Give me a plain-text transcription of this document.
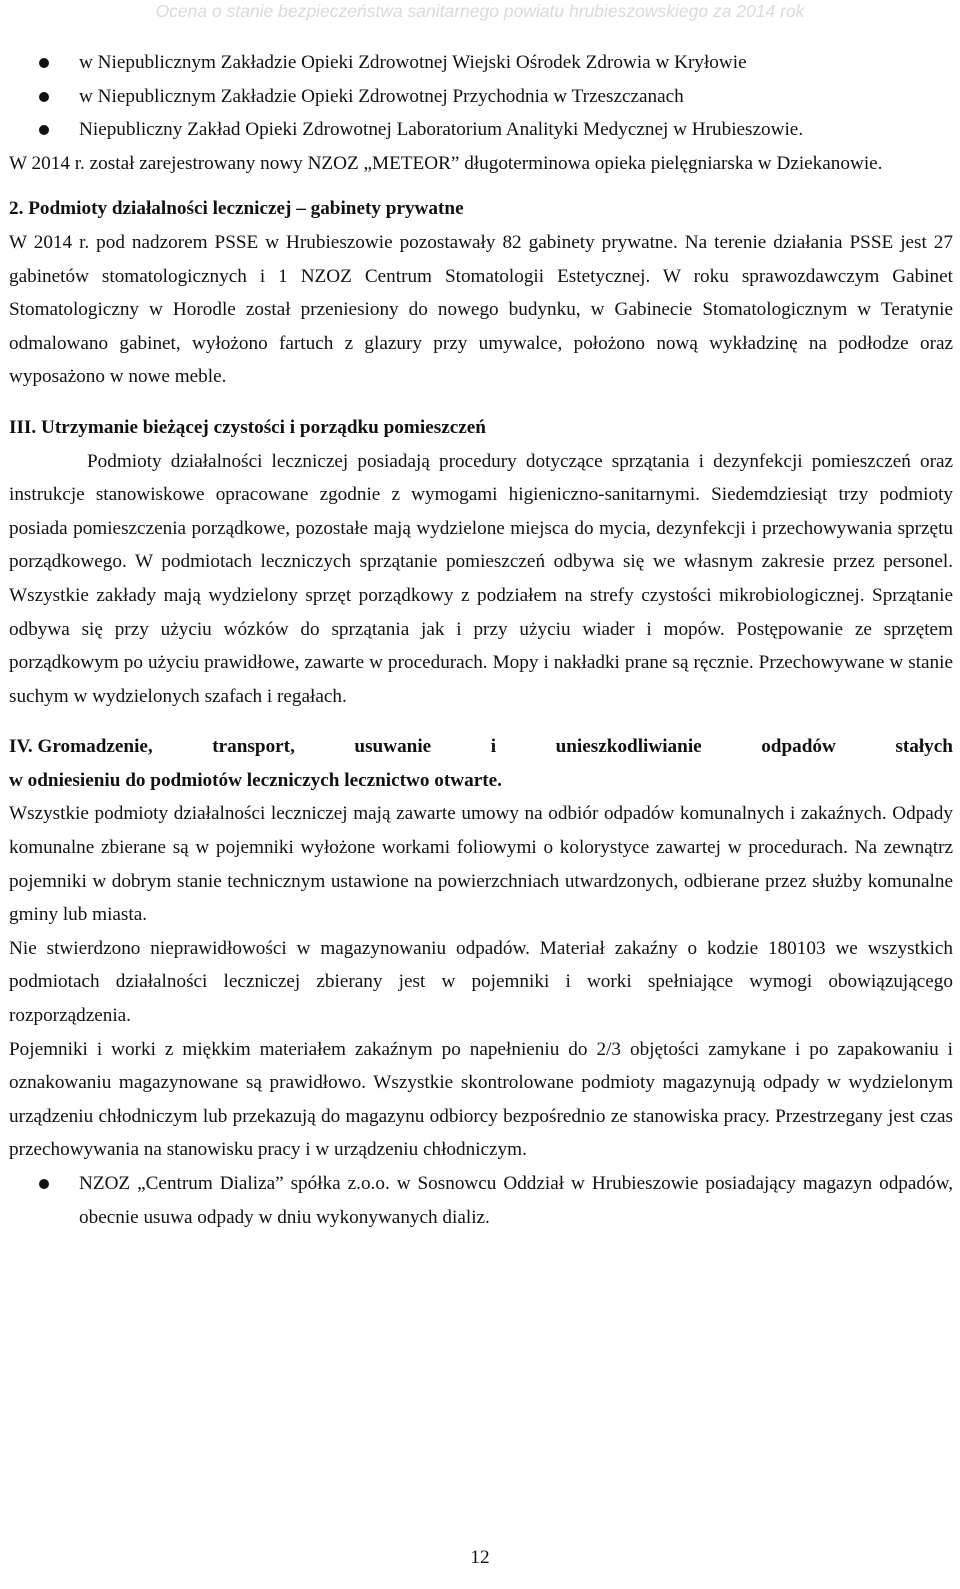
Ocena o stanie bezpieczeństwa sanitarnego powiatu hrubieszowskiego za 2014 rok
w Niepublicznym Zakładzie Opieki Zdrowotnej Wiejski Ośrodek Zdrowia w Kryłowie
w Niepublicznym Zakładzie Opieki Zdrowotnej Przychodnia w Trzeszczanach
Niepubliczny Zakład Opieki Zdrowotnej Laboratorium Analityki Medycznej w Hrubieszowie.

W 2014 r. został zarejestrowany nowy NZOZ „METEOR” długoterminowa opieka pielęgniarska w Dziekanowie.

2. Podmioty działalności leczniczej – gabinety prywatne

W 2014 r. pod nadzorem PSSE w Hrubieszowie pozostawały 82 gabinety prywatne. Na terenie działania PSSE jest 27 gabinetów stomatologicznych i 1 NZOZ Centrum Stomatologii Estetycznej. W roku sprawozdawczym Gabinet Stomatologiczny w Horodle został przeniesiony do nowego budynku, w Gabinecie Stomatologicznym w Teratynie odmalowano gabinet, wyłożono fartuch z glazury przy umywalce, położono nową wykładzinę na podłodze oraz wyposażono w nowe meble.

III. Utrzymanie bieżącej czystości i porządku pomieszczeń

Podmioty działalności leczniczej posiadają procedury dotyczące sprzątania i dezynfekcji pomieszczeń oraz instrukcje stanowiskowe opracowane zgodnie z wymogami higieniczno-sanitarnymi. Siedemdziesiąt trzy podmioty posiada pomieszczenia porządkowe, pozostałe mają wydzielone miejsca do mycia, dezynfekcji i przechowywania sprzętu porządkowego. W podmiotach leczniczych sprzątanie pomieszczeń odbywa się we własnym zakresie przez personel. Wszystkie zakłady mają wydzielony sprzęt porządkowy z podziałem na strefy czystości mikrobiologicznej. Sprzątanie odbywa się przy użyciu wózków do sprzątania jak i przy użyciu wiader i mopów. Postępowanie ze sprzętem porządkowym po użyciu prawidłowe, zawarte w procedurach. Mopy i nakładki prane są ręcznie. Przechowywane w stanie suchym w wydzielonych szafach i regałach.

IV. Gromadzenie,	transport,	usuwanie	i	unieszkodliwianie	odpadów	stałych

w odniesieniu do podmiotów leczniczych lecznictwo otwarte.

Wszystkie podmioty działalności leczniczej mają zawarte umowy na odbiór odpadów komunalnych i zakaźnych. Odpady komunalne zbierane są w pojemniki wyłożone workami foliowymi o kolorystyce zawartej w procedurach. Na zewnątrz pojemniki w dobrym stanie technicznym ustawione na powierzchniach utwardzonych, odbierane przez służby komunalne gminy lub miasta.

Nie stwierdzono nieprawidłowości w magazynowaniu odpadów. Materiał zakaźny o kodzie 180103 we wszystkich podmiotach działalności leczniczej zbierany jest w pojemniki i worki spełniające wymogi obowiązującego rozporządzenia.

Pojemniki i worki z miękkim materiałem zakaźnym po napełnieniu do 2/3 objętości zamykane i po zapakowaniu i oznakowaniu magazynowane są prawidłowo. Wszystkie skontrolowane podmioty magazynują odpady w wydzielonym urządzeniu chłodniczym lub przekazują do magazynu odbiorcy bezpośrednio ze stanowiska pracy. Przestrzegany jest czas przechowywania na stanowisku pracy i w urządzeniu chłodniczym.

NZOZ „Centrum Dializa” spółka z.o.o. w Sosnowcu Oddział w Hrubieszowie posiadający magazyn odpadów, obecnie usuwa odpady w dniu wykonywanych dializ.
12
